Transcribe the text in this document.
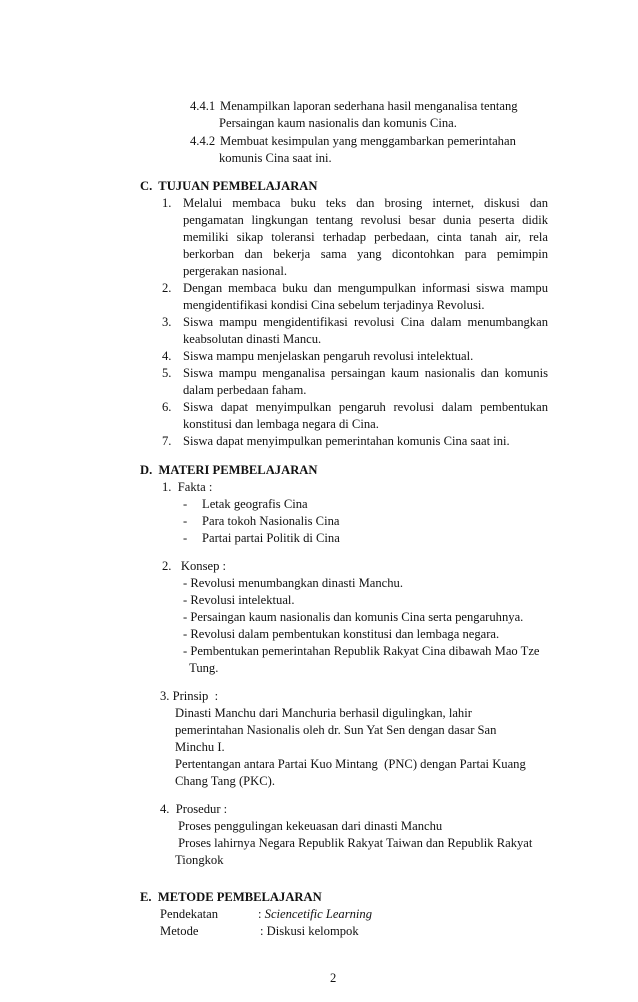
4.4.1 Menampilkan laporan sederhana hasil menganalisa tentang
Persaingan kaum nasionalis dan komunis Cina.
4.4.2 Membuat kesimpulan yang menggambarkan pemerintahan
komunis Cina saat ini.
C.  TUJUAN PEMBELAJARAN
1. Melalui membaca buku teks dan brosing internet, diskusi dan
pengamatan lingkungan tentang revolusi besar dunia peserta didik
memiliki sikap toleransi terhadap perbedaan, cinta tanah air, rela
berkorban dan bekerja sama yang dicontohkan para pemimpin
pergerakan nasional.
2. Dengan membaca buku dan mengumpulkan informasi siswa mampu
mengidentifikasi kondisi Cina sebelum terjadinya Revolusi.
3. Siswa mampu mengidentifikasi revolusi Cina dalam menumbangkan
keabsolutan dinasti Mancu.
4. Siswa mampu menjelaskan pengaruh revolusi intelektual.
5. Siswa mampu menganalisa persaingan kaum nasionalis dan komunis
dalam perbedaan faham.
6. Siswa dapat menyimpulkan pengaruh revolusi dalam pembentukan
konstitusi dan lembaga negara di Cina.
7. Siswa dapat menyimpulkan pemerintahan komunis Cina saat ini.
D.  MATERI PEMBELAJARAN
1.  Fakta :
- Letak geografis Cina
- Para tokoh Nasionalis Cina
- Partai partai Politik di Cina
2.   Konsep :
- Revolusi menumbangkan dinasti Manchu.
- Revolusi intelektual.
- Persaingan kaum nasionalis dan komunis Cina serta pengaruhnya.
- Revolusi dalam pembentukan konstitusi dan lembaga negara.
- Pembentukan pemerintahan Republik Rakyat Cina dibawah Mao Tze
Tung.
3. Prinsip  :
Dinasti Manchu dari Manchuria berhasil digulingkan, lahir
pemerintahan Nasionalis oleh dr. Sun Yat Sen dengan dasar San
Minchu I.
Pertentangan antara Partai Kuo Mintang  (PNC) dengan Partai Kuang
Chang Tang (PKC).
4.  Prosedur :
Proses penggulingan kekeuasan dari dinasti Manchu
Proses lahirnya Negara Republik Rakyat Taiwan dan Republik Rakyat
Tiongkok
E.  METODE PEMBELAJARAN
Pendekatan	: Sciencetific Learning
Metode	: Diskusi kelompok
2
